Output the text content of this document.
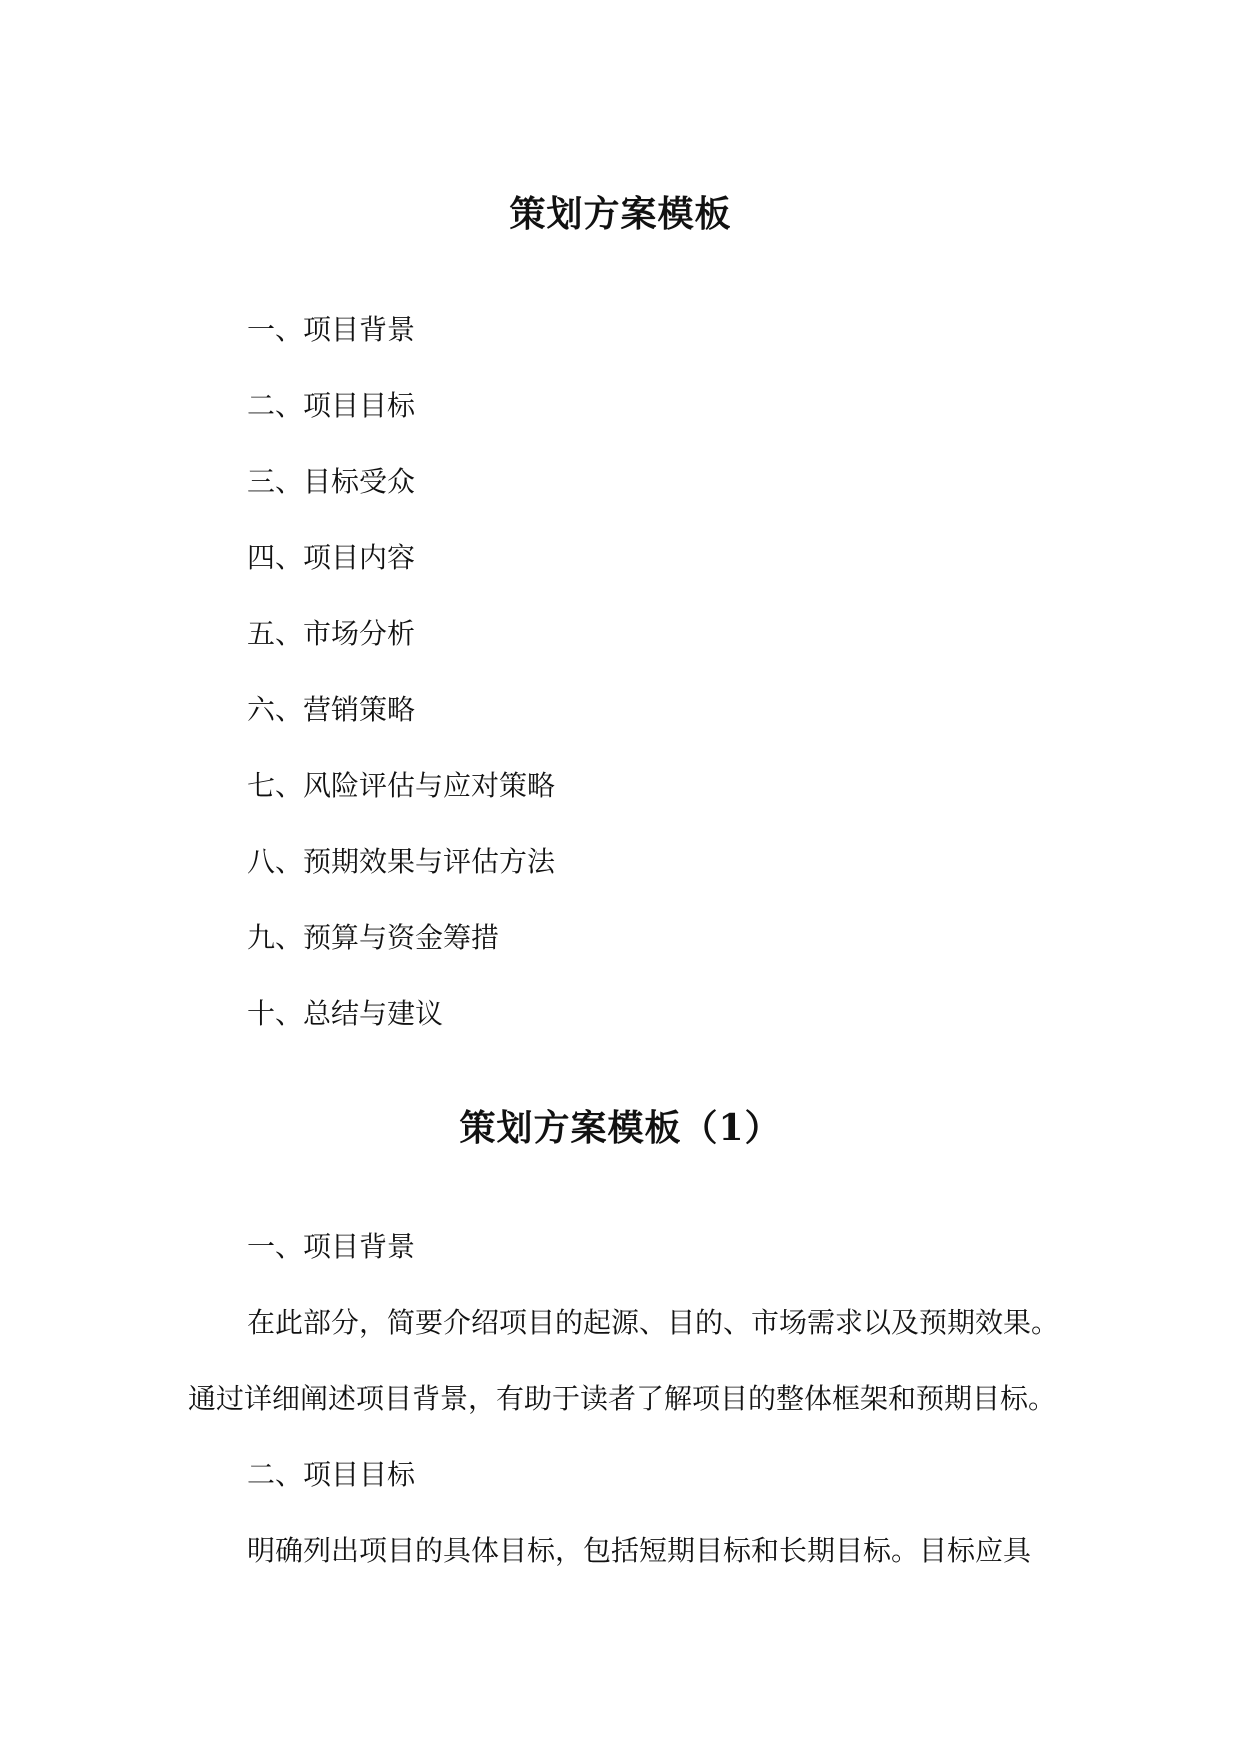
策划方案模板
一、项目背景
二、项目目标
三、目标受众
四、项目内容
五、市场分析
六、营销策略
七、风险评估与应对策略
八、预期效果与评估方法
九、预算与资金筹措
十、总结与建议
策划方案模板（1）
一、项目背景
在此部分，简要介绍项目的起源、目的、市场需求以及预期效果。
通过详细阐述项目背景，有助于读者了解项目的整体框架和预期目标。
二、项目目标
明确列出项目的具体目标，包括短期目标和长期目标。目标应具
